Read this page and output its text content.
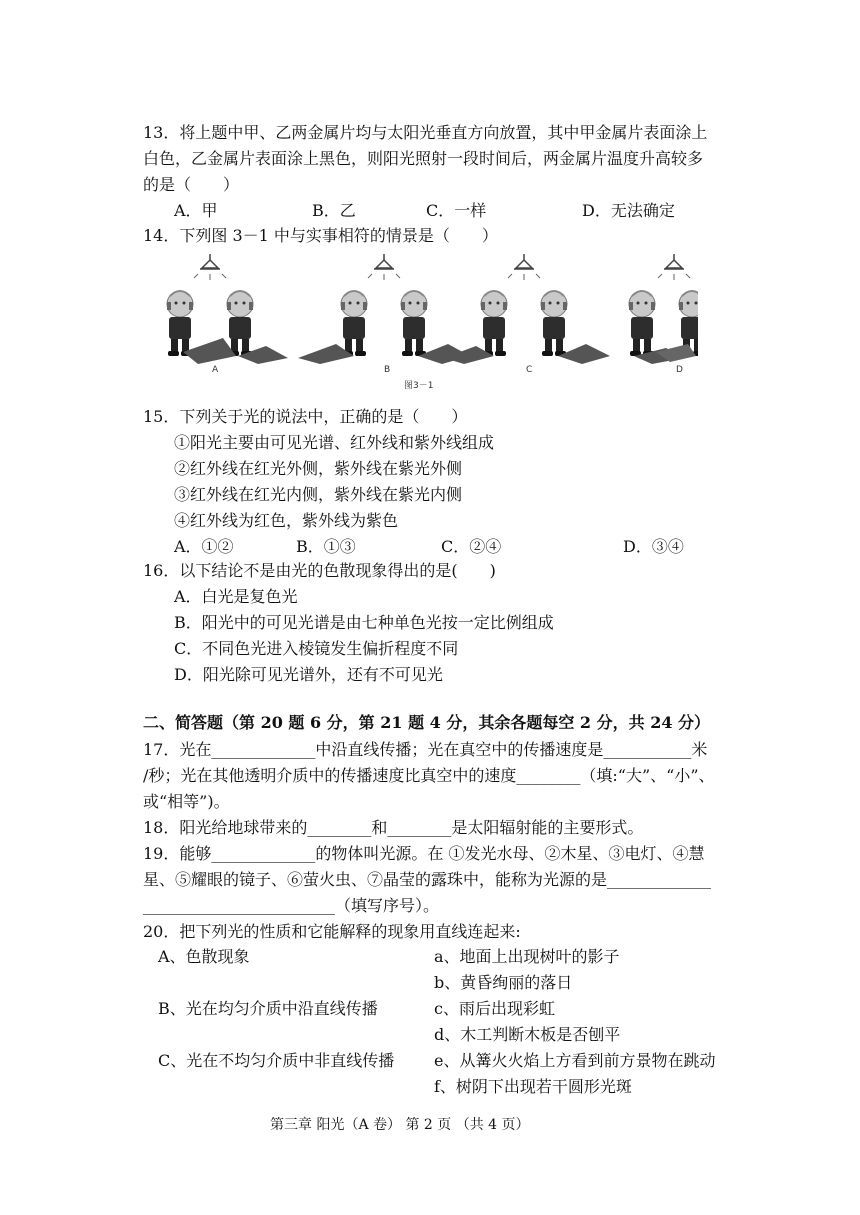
13．将上题中甲、乙两金属片均与太阳光垂直方向放置，其中甲金属片表面涂上
白色，乙金属片表面涂上黑色，则阳光照射一段时间后，两金属片温度升高较多
的是（　　）
A．甲	B．乙	C．一样	D．无法确定
14．下列图 3－1 中与实事相符的情景是（　　）
A	B	C	D
图3－1
15．下列关于光的说法中，正确的是（　　）
①阳光主要由可见光谱、红外线和紫外线组成
②红外线在红光外侧，紫外线在紫光外侧
③红外线在红光内侧，紫外线在紫光内侧
④红外线为红色，紫外线为紫色
A．①②	B．①③	C．②④	D．③④
16．以下结论不是由光的色散现象得出的是(　　)
A．白光是复色光
B．阳光中的可见光谱是由七种单色光按一定比例组成
C．不同色光进入棱镜发生偏折程度不同
D．阳光除可见光谱外，还有不可见光
二、简答题（第 20 题 6 分，第 21 题 4 分，其余各题每空 2 分，共 24 分）
17．光在_____________中沿直线传播；光在真空中的传播速度是___________米
/秒；光在其他透明介质中的传播速度比真空中的速度________（填:“大”、“小”、
或“相等”)。
18．阳光给地球带来的________和________是太阳辐射能的主要形式。
19．能够_____________的物体叫光源。在 ①发光水母、②木星、③电灯、④慧
星、⑤耀眼的镜子、⑥萤火虫、⑦晶莹的露珠中，能称为光源的是_____________
________________________（填写序号）。
20．把下列光的性质和它能解释的现象用直线连起来:
A、色散现象
B、光在均匀介质中沿直线传播
C、光在不均匀介质中非直线传播
a、地面上出现树叶的影子
b、黄昏绚丽的落日
c、雨后出现彩虹
d、木工判断木板是否刨平
e、从篝火火焰上方看到前方景物在跳动
f、树阴下出现若干圆形光斑
第三章 阳光（A 卷） 第 2 页 （共 4 页）
